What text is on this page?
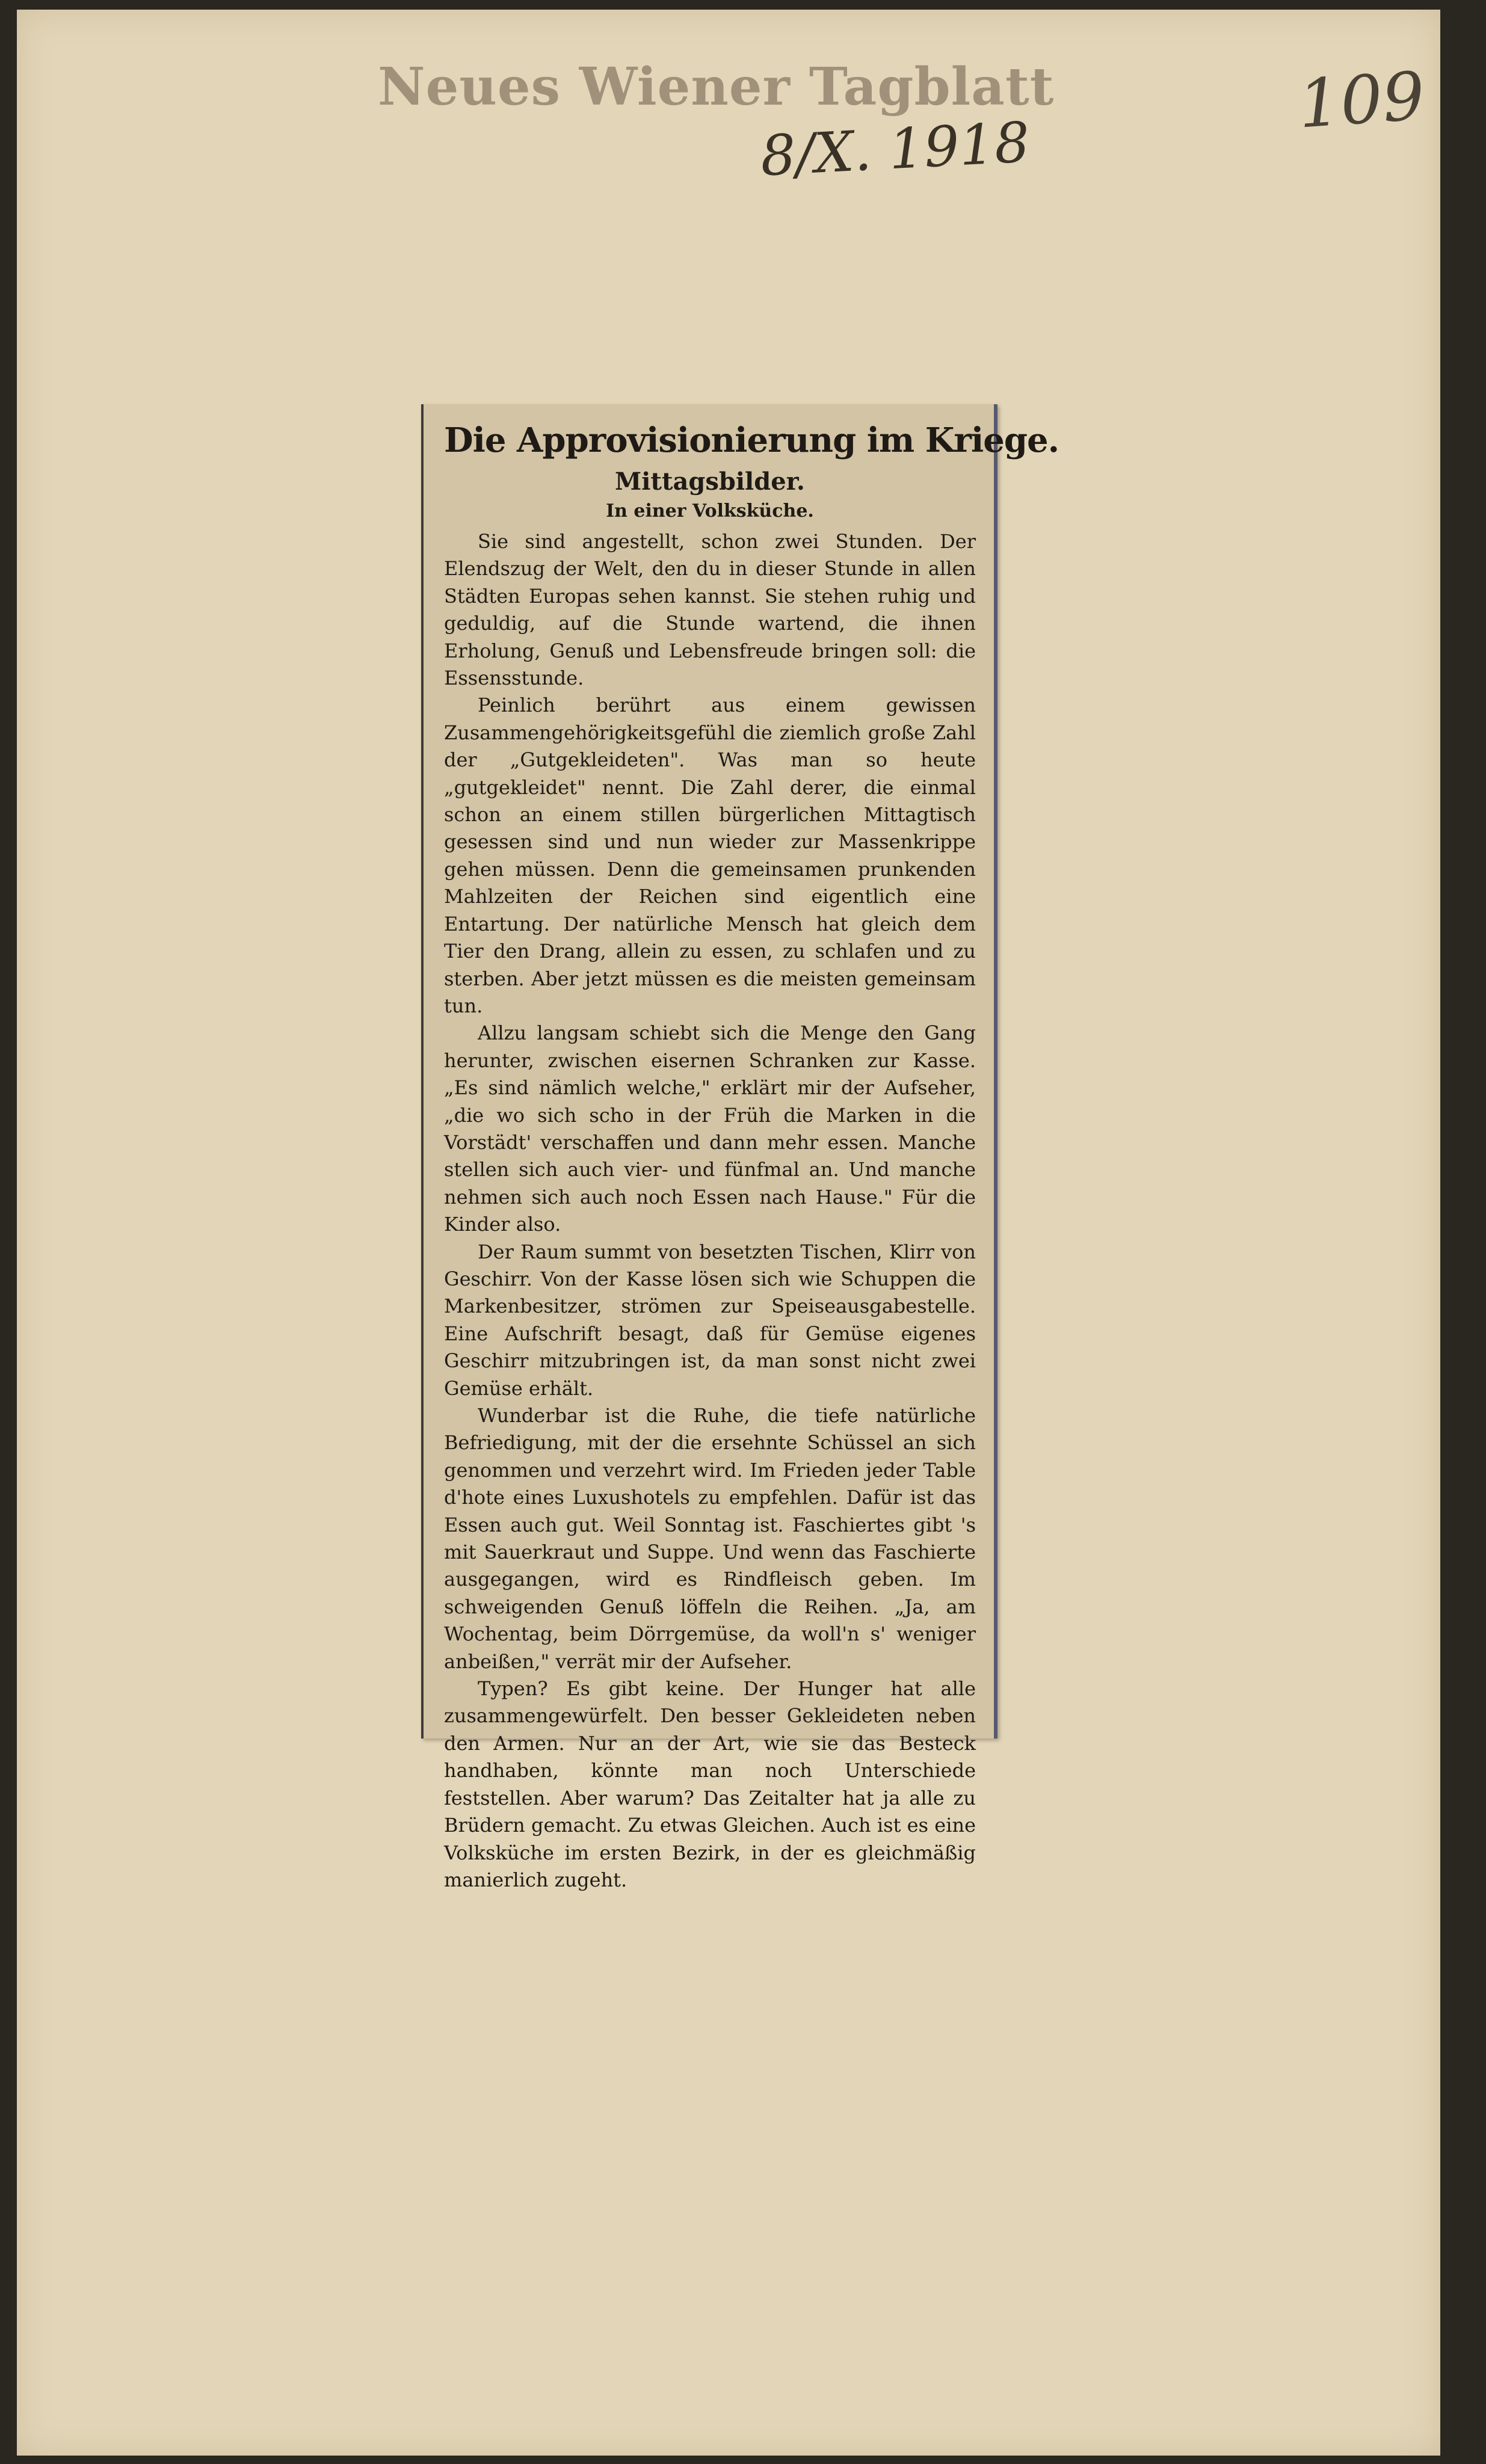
Neues Wiener Tagblatt
8/X. 1918
109
Die Approvisionierung im Kriege.
Mittagsbilder.
In einer Volksküche.

Sie sind angestellt, schon zwei Stunden. Der Elendszug der Welt, den du in dieser Stunde in allen Städten Europas sehen kannst. Sie stehen ruhig und geduldig, auf die Stunde wartend, die ihnen Erholung, Genuß und Lebensfreude bringen soll: die Essensstunde.

Peinlich berührt aus einem gewissen Zusammengehörigkeitsgefühl die ziemlich große Zahl der „Gutgekleideten". Was man so heute „gutgekleidet" nennt. Die Zahl derer, die einmal schon an einem stillen bürgerlichen Mittagtisch gesessen sind und nun wieder zur Massenkrippe gehen müssen. Denn die gemeinsamen prunkenden Mahlzeiten der Reichen sind eigentlich eine Entartung. Der natürliche Mensch hat gleich dem Tier den Drang, allein zu essen, zu schlafen und zu sterben. Aber jetzt müssen es die meisten gemeinsam tun.

Allzu langsam schiebt sich die Menge den Gang herunter, zwischen eisernen Schranken zur Kasse. „Es sind nämlich welche," erklärt mir der Aufseher, „die wo sich scho in der Früh die Marken in die Vorstädt' verschaffen und dann mehr essen. Manche stellen sich auch vier- und fünfmal an. Und manche nehmen sich auch noch Essen nach Hause." Für die Kinder also.

Der Raum summt von besetzten Tischen, Klirr von Geschirr. Von der Kasse lösen sich wie Schuppen die Markenbesitzer, strömen zur Speiseausgabestelle. Eine Aufschrift besagt, daß für Gemüse eigenes Geschirr mitzubringen ist, da man sonst nicht zwei Gemüse erhält.

Wunderbar ist die Ruhe, die tiefe natürliche Befriedigung, mit der die ersehnte Schüssel an sich genommen und verzehrt wird. Im Frieden jeder Table d'hote eines Luxushotels zu empfehlen. Dafür ist das Essen auch gut. Weil Sonntag ist. Faschiertes gibt 's mit Sauerkraut und Suppe. Und wenn das Faschierte ausgegangen, wird es Rindfleisch geben. Im schweigenden Genuß löffeln die Reihen. „Ja, am Wochentag, beim Dörrgemüse, da woll'n s' weniger anbeißen," verrät mir der Aufseher.

Typen? Es gibt keine. Der Hunger hat alle zusammengewürfelt. Den besser Gekleideten neben den Armen. Nur an der Art, wie sie das Besteck handhaben, könnte man noch Unterschiede feststellen. Aber warum? Das Zeitalter hat ja alle zu Brüdern gemacht. Zu etwas Gleichen. Auch ist es eine Volksküche im ersten Bezirk, in der es gleichmäßig manierlich zugeht.
